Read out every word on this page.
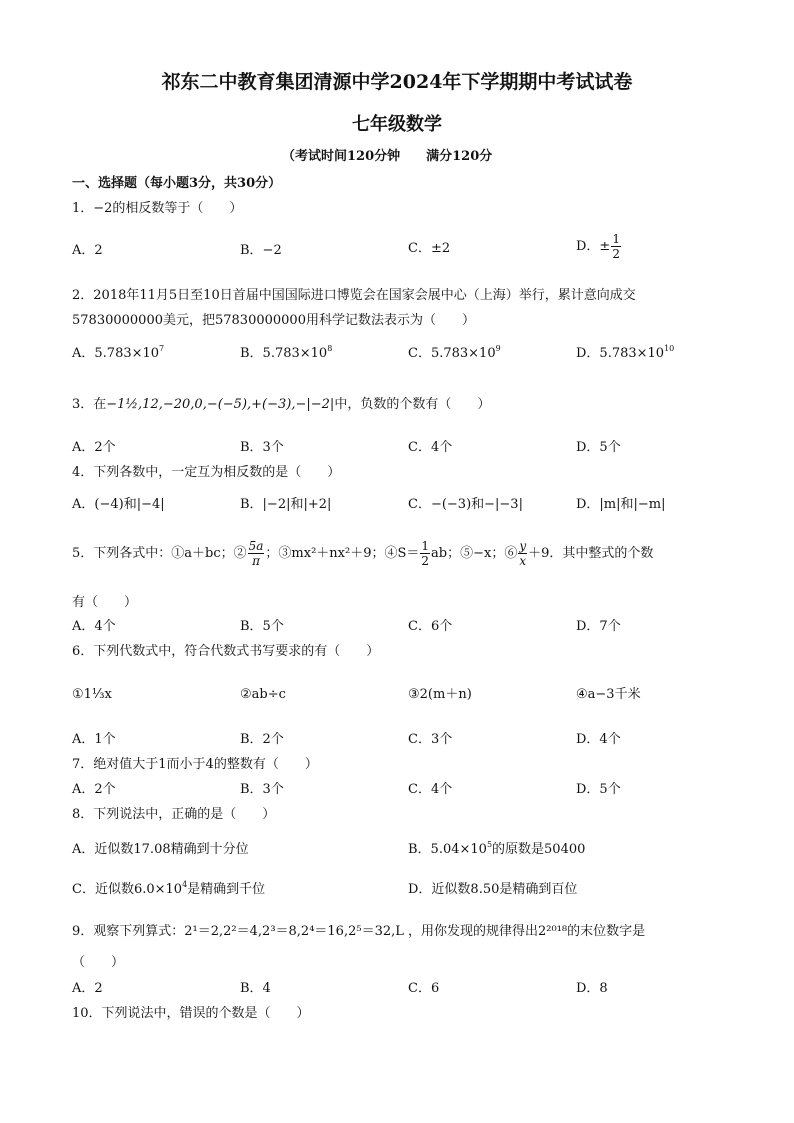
祁东二中教育集团清源中学2024年下学期期中考试试卷
七年级数学
（考试时间120分钟　　满分120分
一、选择题（每小题3分，共30分）
1．−2的相反数等于（　　）
A．2	B．−2	C．±2	D．± $\frac{1}{2}$
2．2018年11月5日至10日首届中国国际进口博览会在国家会展中心（上海）举行，累计意向成交
57830000000美元，把57830000000用科学记数法表示为（　　）
A．$5.783\times 10^7$	B．$5.783\times 10^8$	C．$5.783\times 10^9$	D．$5.783\times 10^{10}$
3．在−1½,12,−20,0,−(−5),+(−3),−|−2|中，负数的个数有（　　）
A．2个	B．3个	C．4个	D．5个
4．下列各数中，一定互为相反数的是（　　）
A．(−4)和|−4|	B．|−2|和|+2|	C．−(−3)和−|−3|	D．|m|和|−m|
5．下列各式中：①a＋bc；② $\frac{5a}{\pi}$ ；③mx²＋nx²＋9；④S＝ $\frac{1}{2}$ ab；⑤−x；⑥ $\frac{y}{x} +9$．其中整式的个数
有（　　）
A．4个	B．5个	C．6个	D．7个
6．下列代数式中，符合代数式书写要求的有（　　）
①1⅓x	②ab÷c	③2(m＋n)	④a−3千米
A．1个	B．2个	C．3个	D．4个
7．绝对值大于1而小于4的整数有（　　）
A．2个	B．3个	C．4个	D．5个
8．下列说法中，正确的是（　　）
A．近似数17.08精确到十分位	B．$5.04\times 10^5$的原数是50400
C．近似数$6.0\times 10^4$是精确到千位	D．近似数8.50是精确到百位
9．观察下列算式：2¹＝2,2²＝4,2³＝8,2⁴＝16,2⁵＝32,L ，用你发现的规律得出2²⁰¹⁸的末位数字是
（　　）
A．2	B．4	C．6	D．8
10．下列说法中，错误的个数是（　　）
